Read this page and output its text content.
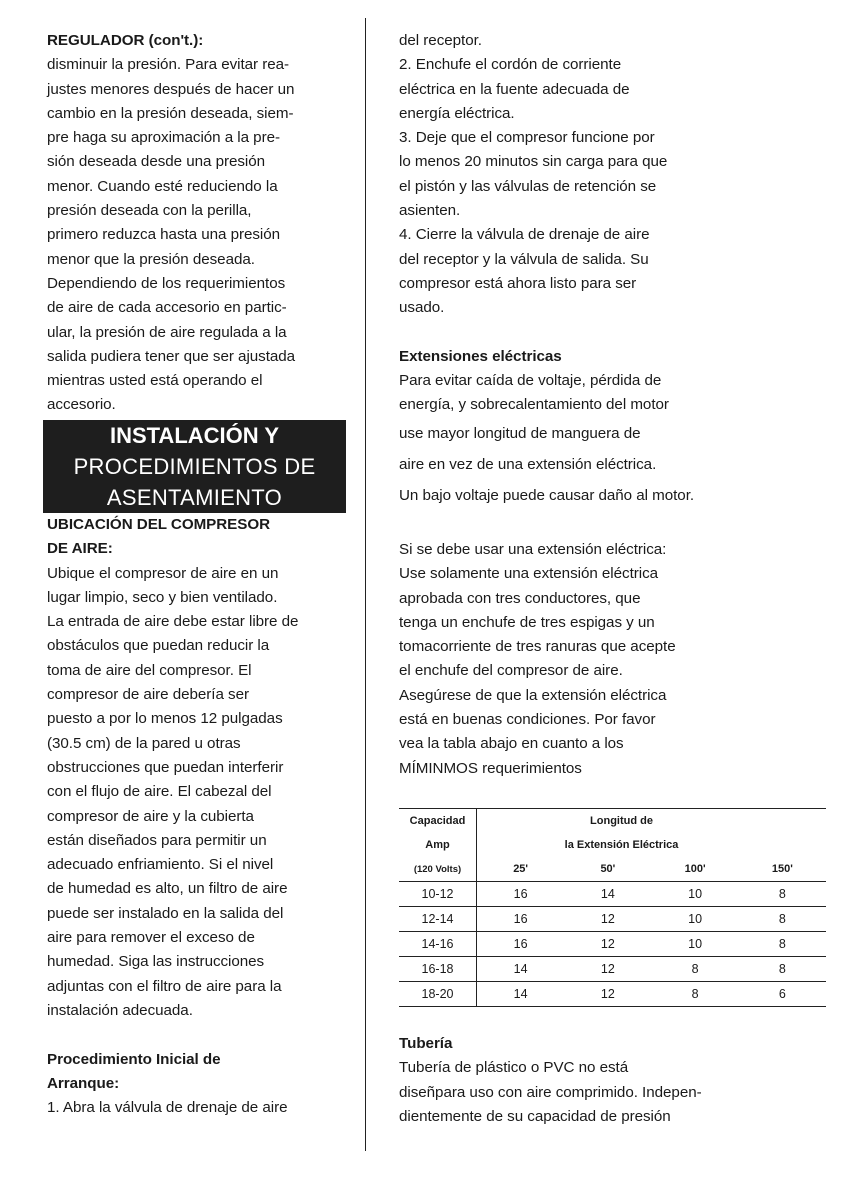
REGULADOR (con't.):
disminuir la presión. Para evitar rea-
justes menores después de hacer un
cambio en la presión deseada, siem-
pre haga su aproximación a la pre-
sión deseada desde una presión
menor. Cuando esté reduciendo la
presión deseada con la perilla,
primero reduzca hasta una presión
menor que la presión deseada.
Dependiendo de los requerimientos
de aire de cada accesorio en partic-
ular, la presión de aire regulada a la
salida pudiera tener que ser ajustada
mientras usted está operando el
accesorio.
INSTALACIÓN Y
PROCEDIMIENTOS DE
ASENTAMIENTO
UBICACIÓN DEL COMPRESOR
DE AIRE:
Ubique el compresor de aire en un
lugar limpio, seco y bien ventilado.
La entrada de aire debe estar libre de
obstáculos que puedan reducir la
toma de aire del compresor. El
compresor de aire debería ser
puesto a por lo menos 12 pulgadas
(30.5 cm) de la pared u otras
obstrucciones que puedan interferir
con el flujo de aire. El cabezal del
compresor de aire y la cubierta
están diseñados para permitir un
adecuado enfriamiento. Si el nivel
de humedad es alto, un filtro de aire
puede ser instalado en la salida del
aire para remover el exceso de
humedad. Siga las instrucciones
adjuntas con el filtro de aire para la
instalación adecuada.
Procedimiento Inicial de
Arranque:
1. Abra la válvula de drenaje de aire
del receptor.
2. Enchufe el cordón de corriente
eléctrica en la fuente adecuada de
energía eléctrica.
3. Deje que el compresor funcione por
lo menos 20 minutos sin carga para que
el pistón y las válvulas de retención se
asienten.
4. Cierre la válvula de drenaje de aire
del receptor y la válvula de salida. Su
compresor está ahora listo para ser
usado.
Extensiones eléctricas
Para evitar caída de voltaje, pérdida de
energía, y sobrecalentamiento del motor
use mayor longitud de manguera de
aire en vez de una extensión eléctrica.
Un bajo voltaje puede causar daño al motor.
Si se debe usar una extensión eléctrica:
Use solamente una extensión eléctrica
aprobada con tres conductores, que
tenga un enchufe de tres espigas y un
tomacorriente de tres ranuras que acepte
el enchufe del compresor de aire.
Asegúrese de que la extensión eléctrica
está en buenas condiciones. Por favor
vea la tabla abajo en cuanto a los
MÍMINMOS requerimientos
Capacidad	Longitud de
Amp	la Extensión Eléctrica
(120 Volts)	25'	50'	100'	150'
10-12	16	14	10	8
12-14	16	12	10	8
14-16	16	12	10	8
16-18	14	12	8	8
18-20	14	12	8	6
Tubería
Tubería de plástico o PVC no está
diseñpara uso con aire comprimido. Indepen-
dientemente de su capacidad de presión
